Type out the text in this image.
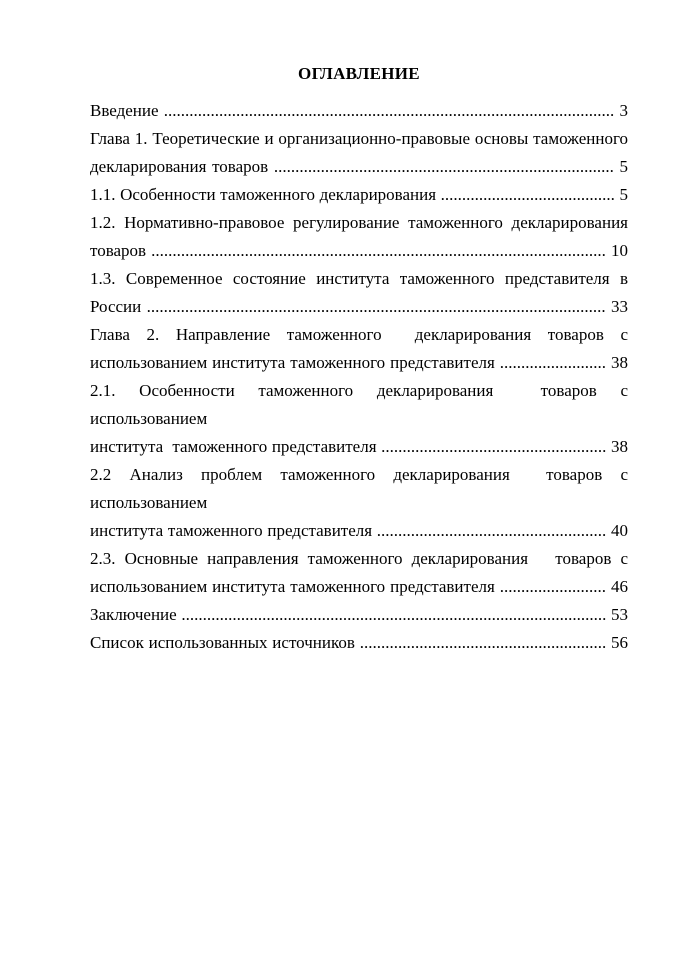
ОГЛАВЛЕНИЕ
Введение .......................................................................................................... 3
Глава 1. Теоретические и организационно-правовые основы таможенного
декларирования товаров ................................................................................ 5
1.1. Особенности таможенного декларирования ......................................... 5
1.2. Нормативно-правовое регулирование таможенного декларирования
товаров ........................................................................................................... 10
1.3. Современное состояние института таможенного представителя в
России ............................................................................................................ 33
Глава 2. Направление таможенного  декларирования товаров с
использованием института таможенного представителя ......................... 38
2.1. Особенности таможенного декларирования  товаров с использованием
института  таможенного представителя ..................................................... 38
2.2 Анализ проблем таможенного декларирования  товаров с использованием
института таможенного представителя ...................................................... 40
2.3. Основные направления таможенного декларирования   товаров с
использованием института таможенного представителя ......................... 46
Заключение .................................................................................................... 53
Список использованных источников .......................................................... 56
